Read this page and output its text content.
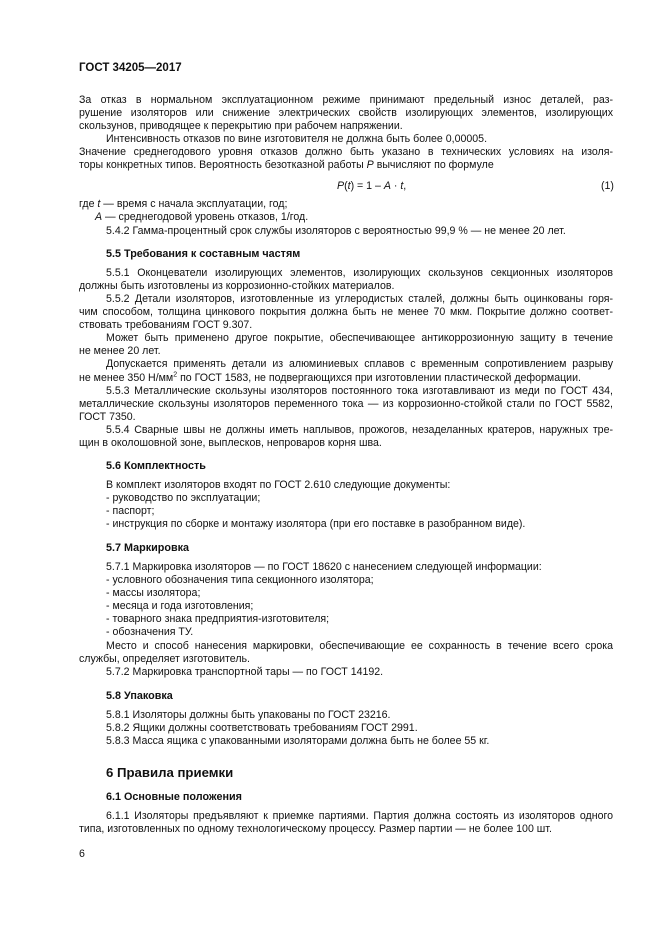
ГОСТ 34205—2017
За отказ в нормальном эксплуатационном режиме принимают предельный износ деталей, раз-
рушение изоляторов или снижение электрических свойств изолирующих элементов, изолирующих
скользунов, приводящее к перекрытию при рабочем напряжении.
Интенсивность отказов по вине изготовителя не должна быть более 0,00005.
Значение среднегодового уровня отказов должно быть указано в технических условиях на изоля-
торы конкретных типов. Вероятность безотказной работы P вычисляют по формуле
P(t) = 1 – A · t,	(1)
где t — время с начала эксплуатации, год;
A — среднегодовой уровень отказов, 1/год.
5.4.2 Гамма-процентный срок службы изоляторов с вероятностью 99,9 % — не менее 20 лет.
5.5 Требования к составным частям
5.5.1 Оконцеватели изолирующих элементов, изолирующих скользунов секционных изоляторов
должны быть изготовлены из коррозионно-стойких материалов.
5.5.2 Детали изоляторов, изготовленные из углеродистых сталей, должны быть оцинкованы горя-
чим способом, толщина цинкового покрытия должна быть не менее 70 мкм. Покрытие должно соответ-
ствовать требованиям ГОСТ 9.307.
Может быть применено другое покрытие, обеспечивающее антикоррозионную защиту в течение
не менее 20 лет.
Допускается применять детали из алюминиевых сплавов с временным сопротивлением разрыву
не менее 350 $Н/мм^2$ по ГОСТ 1583, не подвергающихся при изготовлении пластической деформации.
5.5.3 Металлические скользуны изоляторов постоянного тока изготавливают из меди по ГОСТ 434,
металлические скользуны изоляторов переменного тока — из коррозионно-стойкой стали по ГОСТ 5582,
ГОСТ 7350.
5.5.4 Сварные швы не должны иметь наплывов, прожогов, незаделанных кратеров, наружных тре-
щин в околошовной зоне, выплесков, непроваров корня шва.
5.6 Комплектность
В комплект изоляторов входят по ГОСТ 2.610 следующие документы:
- руководство по эксплуатации;
- паспорт;
- инструкция по сборке и монтажу изолятора (при его поставке в разобранном виде).
5.7 Маркировка
5.7.1 Маркировка изоляторов — по ГОСТ 18620 с нанесением следующей информации:
- условного обозначения типа секционного изолятора;
- массы изолятора;
- месяца и года изготовления;
- товарного знака предприятия-изготовителя;
- обозначения ТУ.
Место и способ нанесения маркировки, обеспечивающие ее сохранность в течение всего срока
службы, определяет изготовитель.
5.7.2 Маркировка транспортной тары — по ГОСТ 14192.
5.8 Упаковка
5.8.1 Изоляторы должны быть упакованы по ГОСТ 23216.
5.8.2 Ящики должны соответствовать требованиям ГОСТ 2991.
5.8.3 Масса ящика с упакованными изоляторами должна быть не более 55 кг.
6 Правила приемки
6.1 Основные положения
6.1.1 Изоляторы предъявляют к приемке партиями. Партия должна состоять из изоляторов одного
типа, изготовленных по одному технологическому процессу. Размер партии — не более 100 шт.
6
